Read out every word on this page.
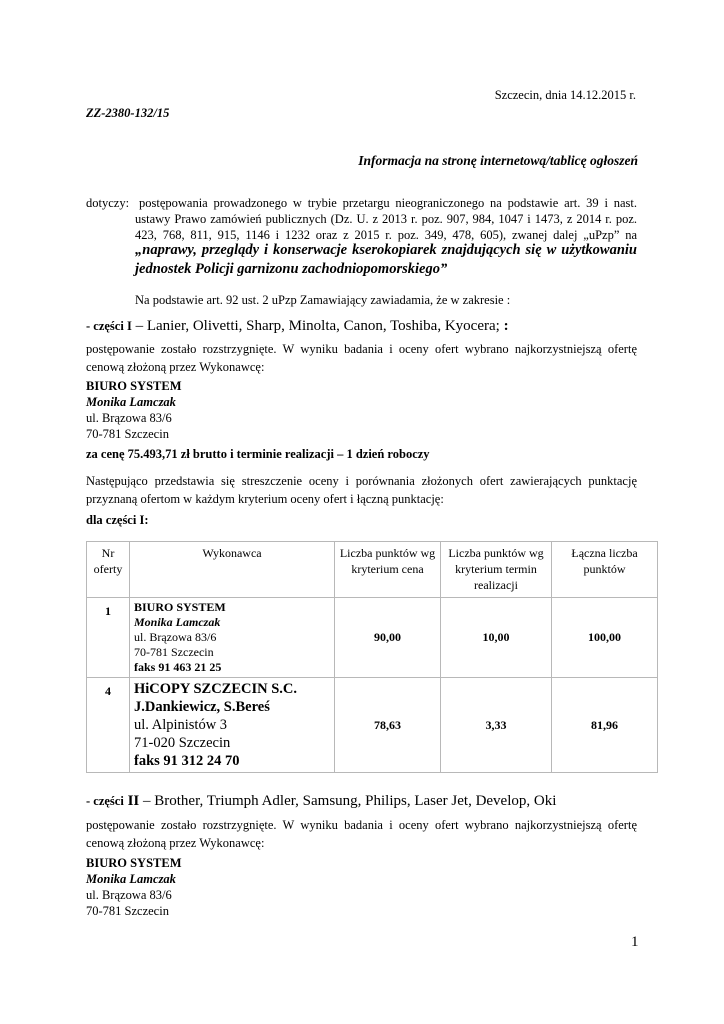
Szczecin, dnia 14.12.2015 r.
ZZ-2380-132/15
Informacja na stronę internetową/tablicę ogłoszeń
dotyczy: postępowania prowadzonego w trybie przetargu nieograniczonego na podstawie art. 39 i nast.
ustawy Prawo zamówień publicznych (Dz. U. z 2013 r. poz. 907, 984, 1047 i 1473, z 2014 r. poz.
423, 768, 811, 915, 1146 i 1232 oraz z 2015 r. poz. 349, 478, 605), zwanej dalej „uPzp” na
„naprawy, przeglądy i konserwacje kserokopiarek znajdujących się w użytkowaniu
jednostek Policji garnizonu zachodniopomorskiego”
Na podstawie art. 92 ust. 2 uPzp Zamawiający zawiadamia, że w zakresie :
- części I – Lanier, Olivetti, Sharp, Minolta, Canon, Toshiba, Kyocera; :
postępowanie zostało rozstrzygnięte. W wyniku badania i oceny ofert wybrano najkorzystniejszą ofertę cenową złożoną przez Wykonawcę:
BIURO SYSTEM
Monika Lamczak
ul. Brązowa 83/6
70-781 Szczecin
za cenę 75.493,71 zł brutto i terminie realizacji – 1 dzień roboczy
Następująco przedstawia się streszczenie oceny i porównania złożonych ofert zawierających punktację przyznaną ofertom w każdym kryterium oceny ofert i łączną punktację:
dla części I:
Nr oferty	Wykonawca	Liczba punktów wg kryterium cena	Liczba punktów wg kryterium termin realizacji	Łączna liczba punktów
1	BIURO SYSTEM
Monika Lamczak
ul. Brązowa 83/6
70-781 Szczecin
faks 91 463 21 25	90,00	10,00	100,00
4	HiCOPY SZCZECIN S.C.
J.Dankiewicz, S.Bereś
ul. Alpinistów 3
71-020 Szczecin
faks 91 312 24 70	78,63	3,33	81,96
- części II – Brother, Triumph Adler, Samsung, Philips, Laser Jet, Develop, Oki
postępowanie zostało rozstrzygnięte. W wyniku badania i oceny ofert wybrano najkorzystniejszą ofertę cenową złożoną przez Wykonawcę:
BIURO SYSTEM
Monika Lamczak
ul. Brązowa 83/6
70-781 Szczecin
1
